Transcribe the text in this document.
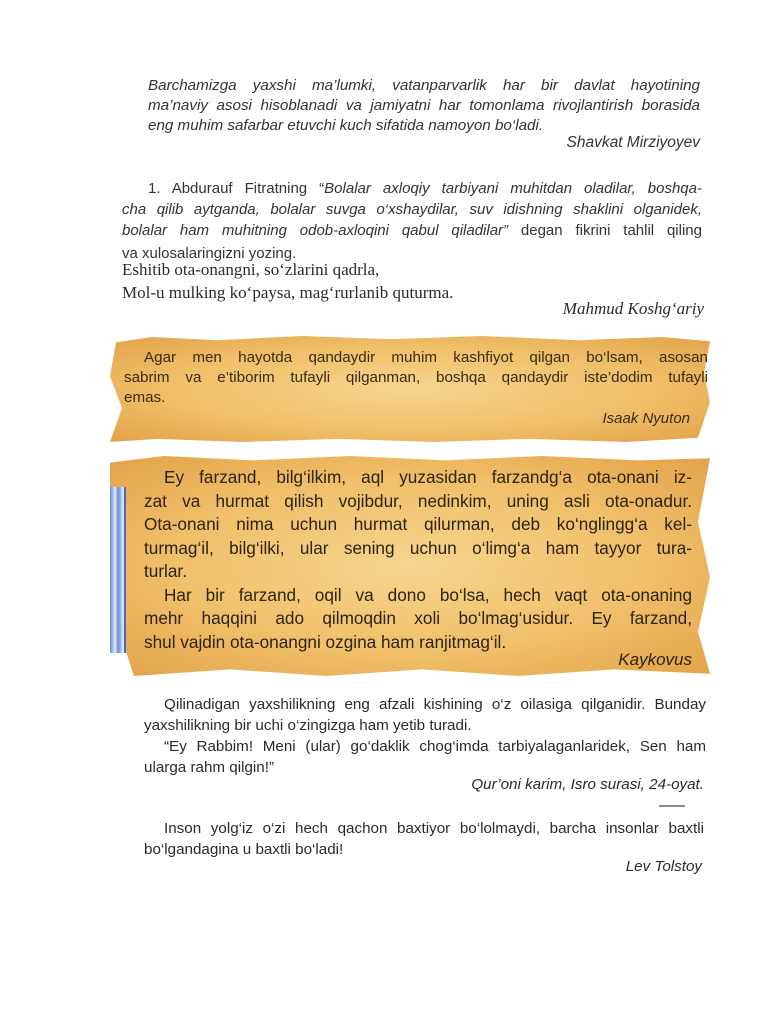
Barchamizga yaxshi ma’lumki, vatanparvarlik har bir davlat hayotining
ma’naviy asosi hisoblanadi va jamiyatni har tomonlama rivojlantirish borasida
eng muhim safarbar etuvchi kuch sifatida namoyon bo‘ladi.
Shavkat Mirziyoyev
1. Abdurauf Fitratning “Bolalar axloqiy tarbiyani muhitdan oladilar, boshqa-
cha qilib aytganda, bolalar suvga o‘xshaydilar, suv idishning shaklini olganidek,
bolalar ham muhitning odob-axloqini qabul qiladilar” degan fikrini tahlil qiling
va xulosalaringizni yozing.
Eshitib ota-onangni, so‘zlarini qadrla,
Mol-u mulking ko‘paysa, mag‘rurlanib quturma.
Mahmud Koshg‘ariy
Agar men hayotda qandaydir muhim kashfiyot qilgan bo‘lsam, asosan
sabrim va e’tiborim tufayli qilganman, boshqa qandaydir iste’dodim tufayli
emas.
Isaak Nyuton
Ey farzand, bilg‘ilkim, aql yuzasidan farzandg‘a ota-onani iz-
zat va hurmat qilish vojibdur, nedinkim, uning asli ota-onadur.
Ota-onani nima uchun hurmat qilurman, deb ko‘nglingg‘a kel-
turmag‘il, bilg‘ilki, ular sening uchun o‘limg‘a ham tayyor tura-
turlar.
Har bir farzand, oqil va dono bo‘lsa, hech vaqt ota-onaning
mehr haqqini ado qilmoqdin xoli bo‘lmag‘usidur. Ey farzand,
shul vajdin ota-onangni ozgina ham ranjitmag‘il.
Kaykovus
Qilinadigan yaxshilikning eng afzali kishining o‘z oilasiga qilganidir. Bunday
yaxshilikning bir uchi o‘zingizga ham yetib turadi.
“Ey Rabbim! Meni (ular) go‘daklik chog‘imda tarbiyalaganlaridek, Sen ham
ularga rahm qilgin!”
Qur’oni karim, Isro surasi, 24-oyat.
Inson yolg‘iz o‘zi hech qachon baxtiyor bo‘lolmaydi, barcha insonlar baxtli
bo‘lgandagina u baxtli bo‘ladi!
Lev Tolstoy
